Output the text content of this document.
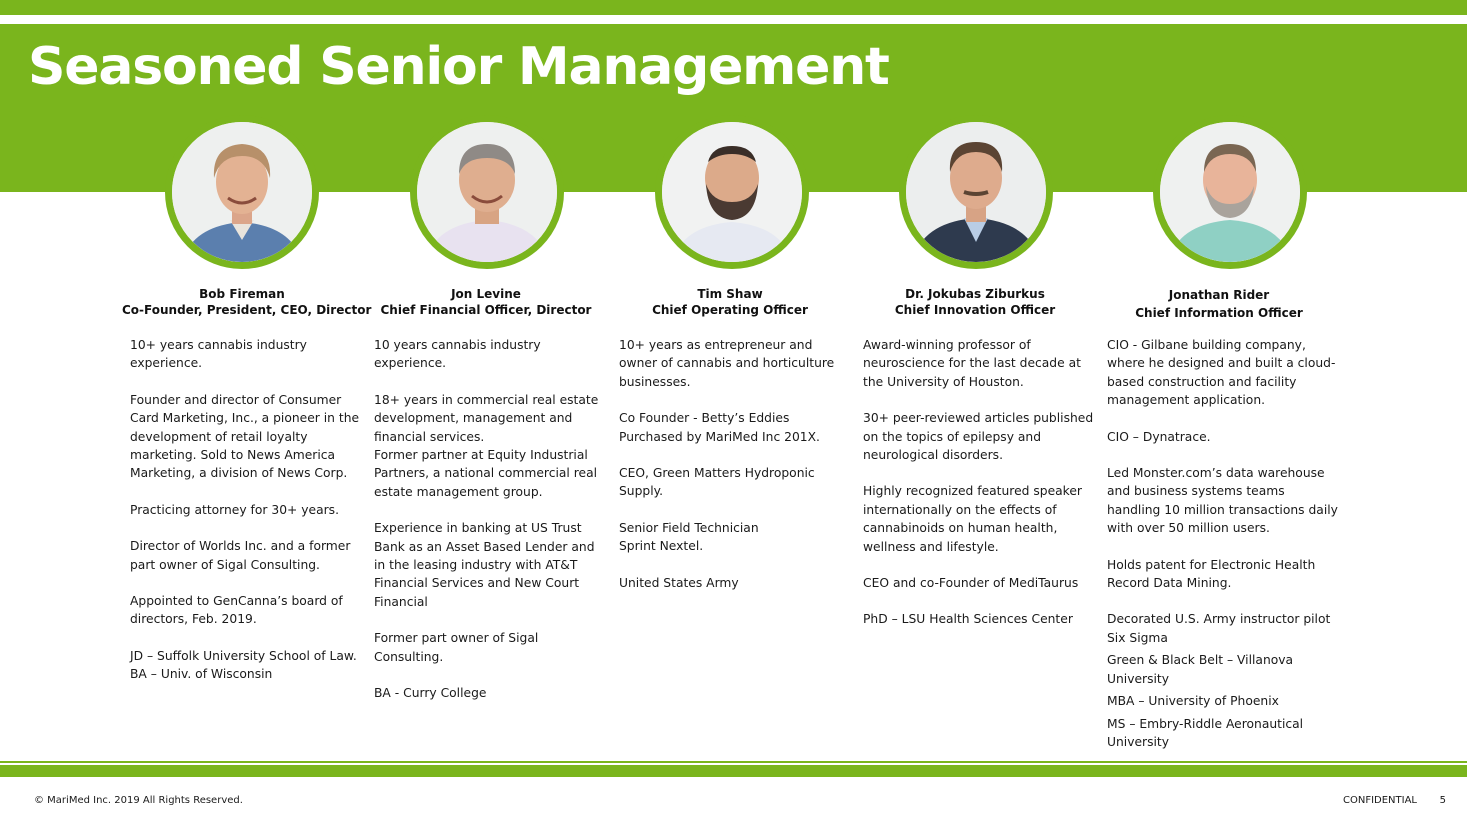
Seasoned Senior Management
Bob Fireman
Co-Founder, President, CEO, Director
Jon Levine
Chief Financial Officer, Director
Tim Shaw
Chief Operating Officer
Dr. Jokubas Ziburkus
Chief Innovation Officer
Jonathan Rider
Chief Information Officer

10+ years cannabis industry experience.

Founder and director of Consumer Card Marketing, Inc., a pioneer in the development of retail loyalty marketing. Sold to News America Marketing, a division of News Corp.

Practicing attorney for 30+ years.

Director of Worlds Inc. and a former part owner of Sigal Consulting.

Appointed to GenCanna’s board of directors, Feb. 2019.

JD – Suffolk University School of Law.

BA – Univ. of Wisconsin

10 years cannabis industry experience.

18+ years in commercial real estate development, management and financial services.

Former partner at Equity Industrial Partners, a national commercial real estate management group.

Experience in banking at US Trust Bank as an Asset Based Lender and in the leasing industry with AT&T Financial Services and New Court Financial

Former part owner of Sigal Consulting.

BA - Curry College

10+ years as entrepreneur and owner of cannabis and horticulture businesses.

Co Founder - Betty’s Eddies Purchased by MariMed Inc 201X.

CEO, Green Matters Hydroponic Supply.

Senior Field Technician

Sprint Nextel.

United States Army

Award-winning professor of neuroscience for the last decade at the University of Houston.

30+ peer-reviewed articles published on the topics of epilepsy and neurological disorders.

Highly recognized featured speaker internationally on the effects of cannabinoids on human health, wellness and lifestyle.

CEO and co-Founder of MediTaurus

PhD – LSU Health Sciences Center

CIO - Gilbane building company, where he designed and built a cloud-based construction and facility management application.

CIO – Dynatrace.

Led Monster.com’s data warehouse and business systems teams handling 10 million transactions daily with over 50 million users.

Holds patent for Electronic Health Record Data Mining.

Decorated U.S. Army instructor pilot Six Sigma

Green & Black Belt – Villanova University

MBA – University of Phoenix

MS – Embry-Riddle Aeronautical University

© MariMed Inc. 2019 All Rights Reserved.	CONFIDENTIAL 5
